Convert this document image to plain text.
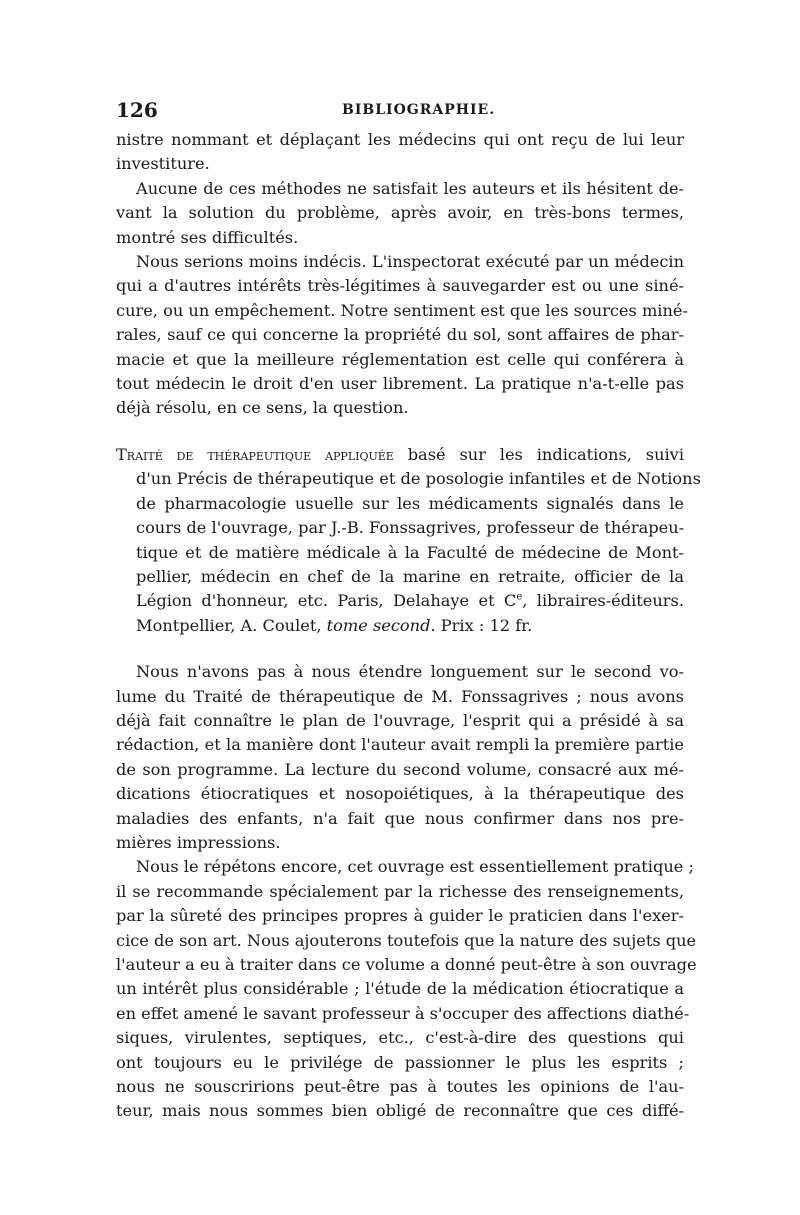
126	BIBLIOGRAPHIE.
nistre nommant et déplaçant les médecins qui ont reçu de lui leur
investiture.
Aucune de ces méthodes ne satisfait les auteurs et ils hésitent de-
vant la solution du problème, après avoir, en très-bons termes,
montré ses difficultés.
Nous serions moins indécis. L'inspectorat exécuté par un médecin
qui a d'autres intérêts très-légitimes à sauvegarder est ou une siné-
cure, ou un empêchement. Notre sentiment est que les sources miné-
rales, sauf ce qui concerne la propriété du sol, sont affaires de phar-
macie et que la meilleure réglementation est celle qui conférera à
tout médecin le droit d'en user librement. La pratique n'a-t-elle pas
déjà résolu, en ce sens, la question.
Traité de thérapeutique appliquée basé sur les indications, suivi
d'un Précis de thérapeutique et de posologie infantiles et de Notions
de pharmacologie usuelle sur les médicaments signalés dans le
cours de l'ouvrage, par J.-B. Fonssagrives, professeur de thérapeu-
tique et de matière médicale à la Faculté de médecine de Mont-
pellier, médecin en chef de la marine en retraite, officier de la
Légion d'honneur, etc. Paris, Delahaye et Ce, libraires-éditeurs.
Montpellier, A. Coulet, tome second. Prix : 12 fr.
Nous n'avons pas à nous étendre longuement sur le second vo-
lume du Traité de thérapeutique de M. Fonssagrives ; nous avons
déjà fait connaître le plan de l'ouvrage, l'esprit qui a présidé à sa
rédaction, et la manière dont l'auteur avait rempli la première partie
de son programme. La lecture du second volume, consacré aux mé-
dications étiocratiques et nosopoiétiques, à la thérapeutique des
maladies des enfants, n'a fait que nous confirmer dans nos pre-
mières impressions.
Nous le répétons encore, cet ouvrage est essentiellement pratique ;
il se recommande spécialement par la richesse des renseignements,
par la sûreté des principes propres à guider le praticien dans l'exer-
cice de son art. Nous ajouterons toutefois que la nature des sujets que
l'auteur a eu à traiter dans ce volume a donné peut-être à son ouvrage
un intérêt plus considérable ; l'étude de la médication étiocratique a
en effet amené le savant professeur à s'occuper des affections diathé-
siques, virulentes, septiques, etc., c'est-à-dire des questions qui
ont toujours eu le privilége de passionner le plus les esprits ;
nous ne souscririons peut-être pas à toutes les opinions de l'au-
teur, mais nous sommes bien obligé de reconnaître que ces diffé-
